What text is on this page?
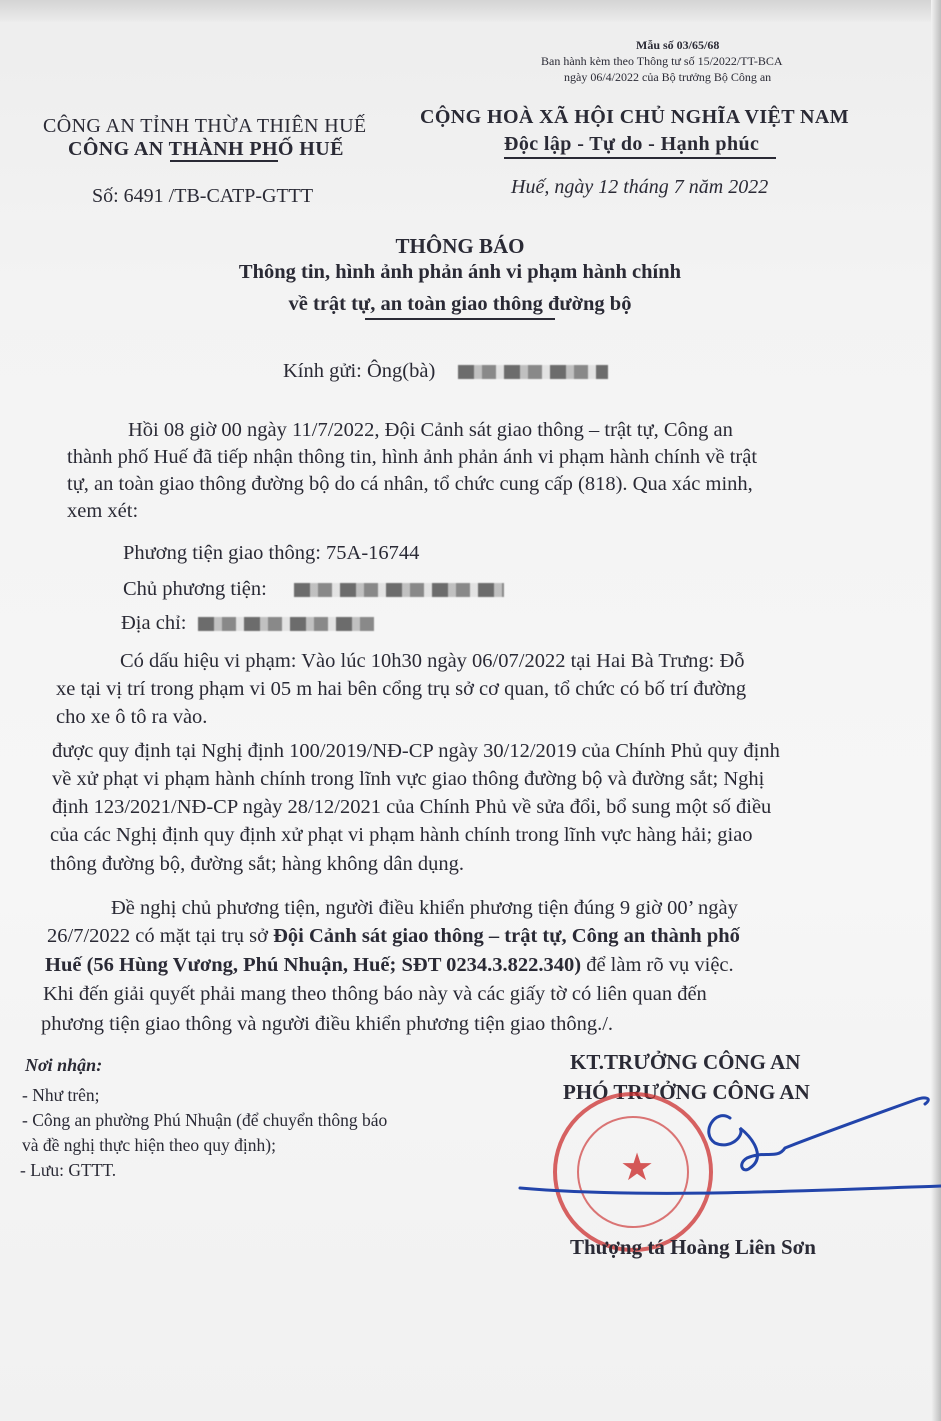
Mẫu số 03/65/68
Ban hành kèm theo Thông tư số 15/2022/TT-BCA
ngày 06/4/2022 của Bộ trưởng Bộ Công an
CÔNG AN TỈNH THỪA THIÊN HUẾ
CÔNG AN THÀNH PHỐ HUẾ
Số: 6491 /TB-CATP-GTTT
CỘNG HOÀ XÃ HỘI CHỦ NGHĨA VIỆT NAM
Độc lập - Tự do - Hạnh phúc
Huế, ngày 12 tháng 7 năm 2022
THÔNG BÁO
Thông tin, hình ảnh phản ánh vi phạm hành chính
về trật tự, an toàn giao thông đường bộ
Kính gửi: Ông(bà)
Hồi 08 giờ 00 ngày 11/7/2022, Đội Cảnh sát giao thông – trật tự, Công an
thành phố Huế đã tiếp nhận thông tin, hình ảnh phản ánh vi phạm hành chính về trật
tự, an toàn giao thông đường bộ do cá nhân, tổ chức cung cấp (818). Qua xác minh,
xem xét:
Phương tiện giao thông: 75A-16744
Chủ phương tiện:
Địa chỉ:
Có dấu hiệu vi phạm: Vào lúc 10h30 ngày 06/07/2022 tại Hai Bà Trưng: Đỗ
xe tại vị trí trong phạm vi 05 m hai bên cổng trụ sở cơ quan, tổ chức có bố trí đường
cho xe ô tô ra vào.
được quy định tại Nghị định 100/2019/NĐ-CP ngày 30/12/2019 của Chính Phủ quy định
về xử phạt vi phạm hành chính trong lĩnh vực giao thông đường bộ và đường sắt; Nghị
định 123/2021/NĐ-CP ngày 28/12/2021 của Chính Phủ về sửa đổi, bổ sung một số điều
của các Nghị định quy định xử phạt vi phạm hành chính trong lĩnh vực hàng hải; giao
thông đường bộ, đường sắt; hàng không dân dụng.
Đề nghị chủ phương tiện, người điều khiển phương tiện đúng 9 giờ 00’ ngày
26/7/2022 có mặt tại trụ sở Đội Cảnh sát giao thông – trật tự, Công an thành phố
Huế (56 Hùng Vương, Phú Nhuận, Huế; SĐT 0234.3.822.340) để làm rõ vụ việc.
Khi đến giải quyết phải mang theo thông báo này và các giấy tờ có liên quan đến
phương tiện giao thông và người điều khiển phương tiện giao thông./.
Nơi nhận:
- Như trên;
- Công an phường Phú Nhuận (để chuyển thông báo
và đề nghị thực hiện theo quy định);
- Lưu: GTTT.
KT.TRƯỞNG CÔNG AN
PHÓ TRƯỞNG CÔNG AN
★
Thượng tá Hoàng Liên Sơn
